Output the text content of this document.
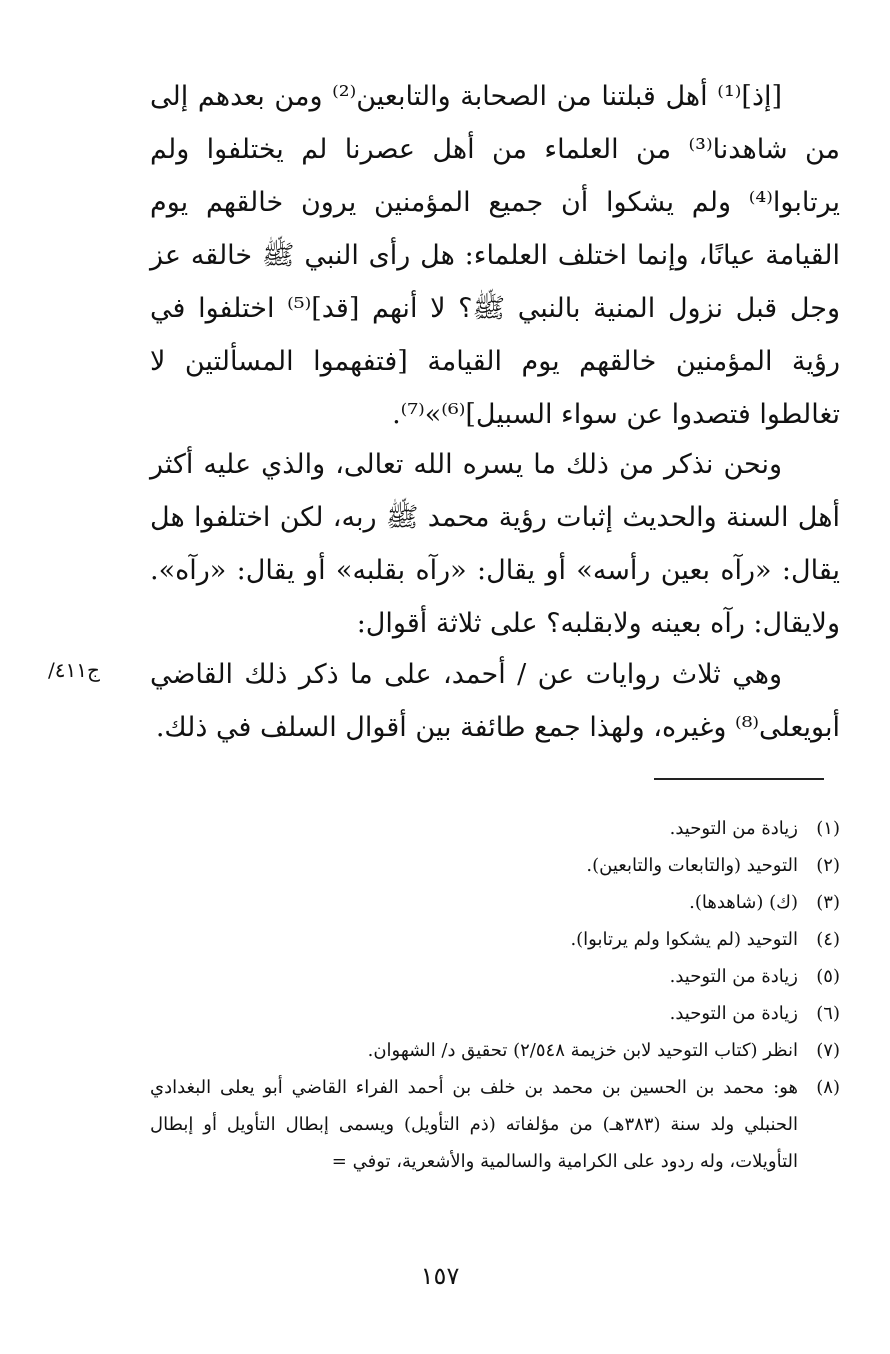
[إذ]⁽¹⁾ أهل قبلتنا من الصحابة والتابعين⁽²⁾ ومن بعدهم إلى من شاهدنا⁽³⁾ من العلماء من أهل عصرنا لم يختلفوا ولم يرتابوا⁽⁴⁾ ولم يشكوا أن جميع المؤمنين يرون خالقهم يوم القيامة عيانًا، وإنما اختلف العلماء: هل رأى النبي ﷺ خالقه عز وجل قبل نزول المنية بالنبي ﷺ؟ لا أنهم [قد]⁽⁵⁾ اختلفوا في رؤية المؤمنين خالقهم يوم القيامة [فتفهموا المسألتين لا تغالطوا فتصدوا عن سواء السبيل]⁽⁶⁾»⁽⁷⁾.

ونحن نذكر من ذلك ما يسره الله تعالى، والذي عليه أكثر أهل السنة والحديث إثبات رؤية محمد ﷺ ربه، لكن اختلفوا هل يقال: «رآه بعين رأسه» أو يقال: «رآه بقلبه» أو يقال: «رآه». ولايقال: رآه بعينه ولابقلبه؟ على ثلاثة أقوال:

وهي ثلاث روايات عن / أحمد، على ما ذكر ذلك القاضي أبويعلى⁽⁸⁾ وغيره، ولهذا جمع طائفة بين أقوال السلف في ذلك.

ج٤١١/
(١)
زيادة من التوحيد.
(٢)
التوحيد (والتابعات والتابعين).
(٣)
(ك) (شاهدها).
(٤)
التوحيد (لم يشكوا ولم يرتابوا).
(٥)
زيادة من التوحيد.
(٦)
زيادة من التوحيد.
(٧)
انظر (كتاب التوحيد لابن خزيمة ٢/٥٤٨) تحقيق د/ الشهوان.
(٨)
هو: محمد بن الحسين بن محمد بن خلف بن أحمد الفراء القاضي أبو يعلى البغدادي الحنبلي ولد سنة (٣٨٣هـ) من مؤلفاته (ذم التأويل) ويسمى إبطال التأويل أو إبطال التأويلات، وله ردود على الكرامية والسالمية والأشعرية، توفي =
١٥٧
